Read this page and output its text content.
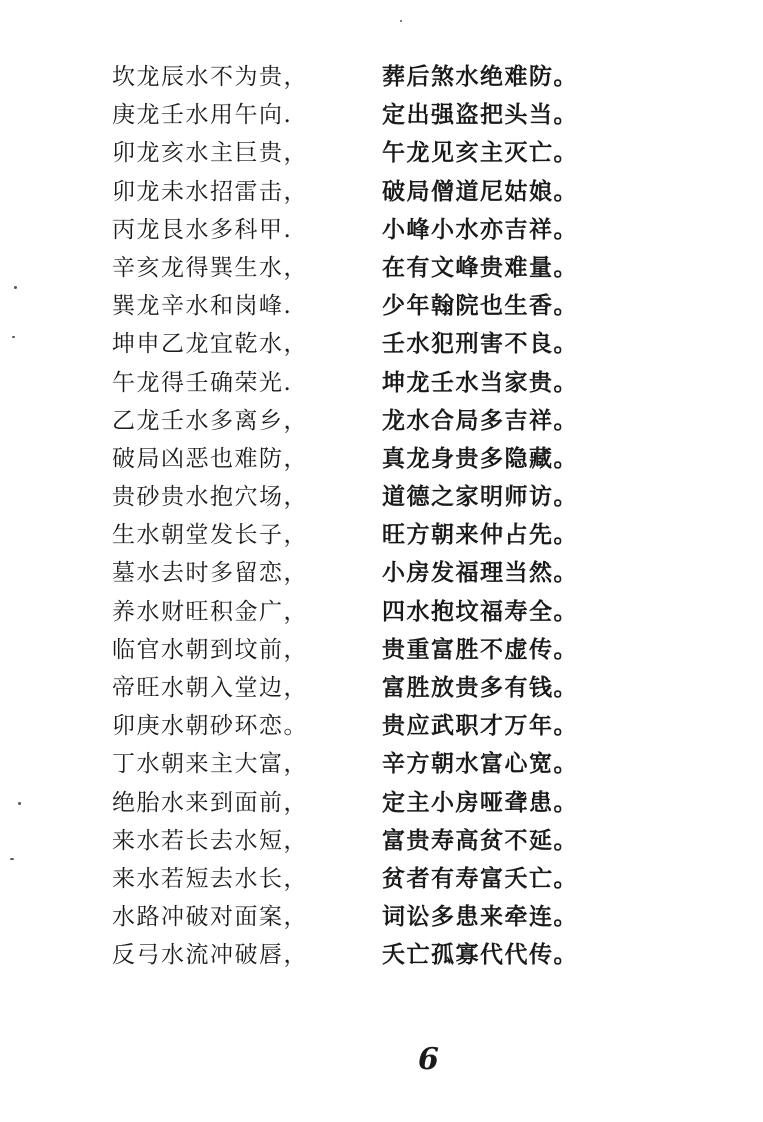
坎龙辰水不为贵，
庚龙壬水用午向.
卯龙亥水主巨贵，
卯龙未水招雷击，
丙龙艮水多科甲.
辛亥龙得巽生水，
巽龙辛水和岗峰.
坤申乙龙宜乾水，
午龙得壬确荣光.
乙龙壬水多离乡，
破局凶恶也难防，
贵砂贵水抱穴场，
生水朝堂发长子，
墓水去时多留恋，
养水财旺积金广，
临官水朝到坟前，
帝旺水朝入堂边，
卯庚水朝砂环恋。
丁水朝来主大富，
绝胎水来到面前，
来水若长去水短，
来水若短去水长，
水路冲破对面案，
反弓水流冲破唇，
葬后煞水绝难防。
定出强盗把头当。
午龙见亥主灭亡。
破局僧道尼姑娘。
小峰小水亦吉祥。
在有文峰贵难量。
少年翰院也生香。
壬水犯刑害不良。
坤龙壬水当家贵。
龙水合局多吉祥。
真龙身贵多隐藏。
道德之家明师访。
旺方朝来仲占先。
小房发福理当然。
四水抱坟福寿全。
贵重富胜不虚传。
富胜放贵多有钱。
贵应武职才万年。
辛方朝水富心宽。
定主小房哑聋患。
富贵寿高贫不延。
贫者有寿富夭亡。
词讼多患来牵连。
夭亡孤寡代代传。
6
